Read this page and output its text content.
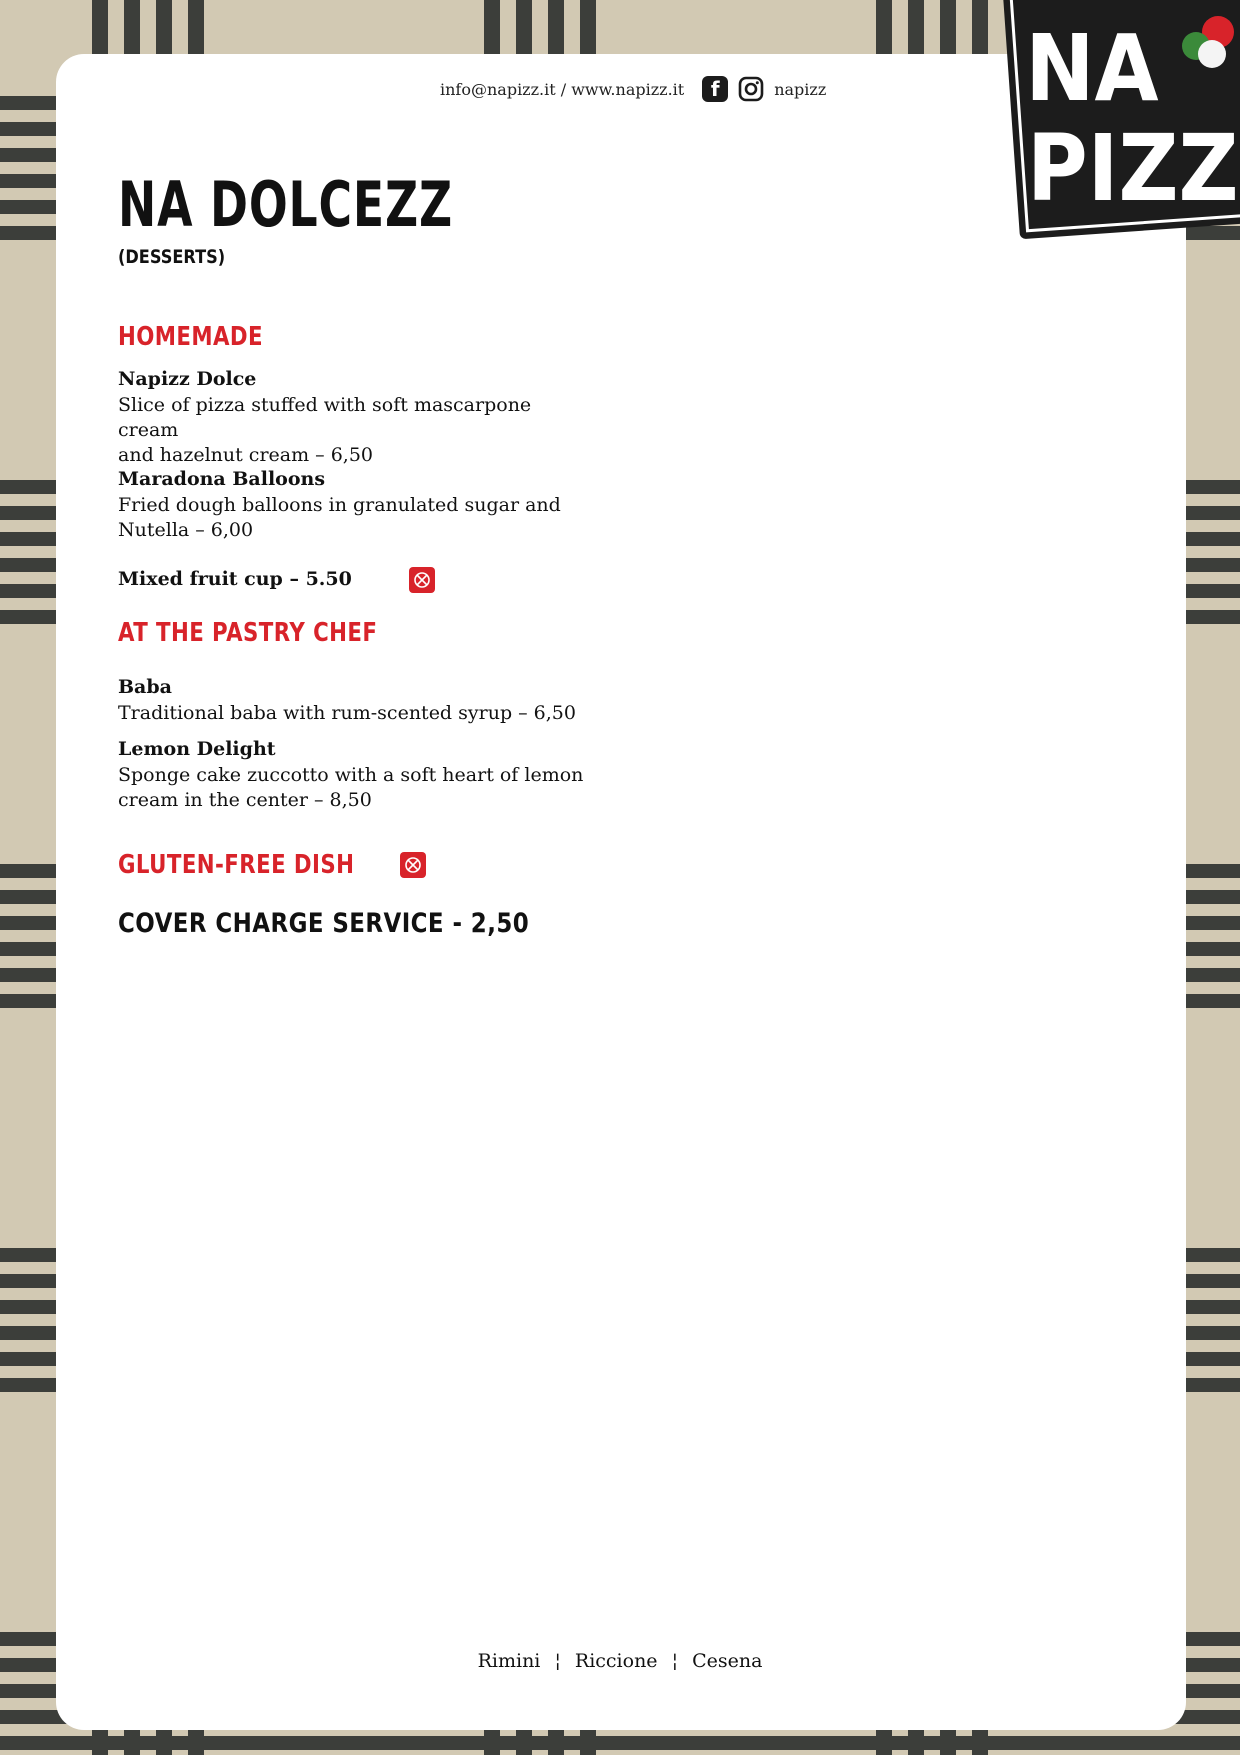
info@napizz.it / www.napizz.it	f	napizz NA
PIZZ
NA DOLCEZZ
(DESSERTS)
HOMEMADE
Napizz Dolce
Slice of pizza stuffed with soft mascarpone cream
and hazelnut cream – 6,50
Maradona Balloons
Fried dough balloons in granulated sugar and
Nutella – 6,00
Mixed fruit cup – 5.50
AT THE PASTRY CHEF
Baba
Traditional baba with rum-scented syrup – 6,50
Lemon Delight
Sponge cake zuccotto with a soft heart of lemon
cream in the center – 8,50
GLUTEN-FREE DISH
COVER CHARGE SERVICE - 2,50
Rimini ¦ Riccione ¦ Cesena
